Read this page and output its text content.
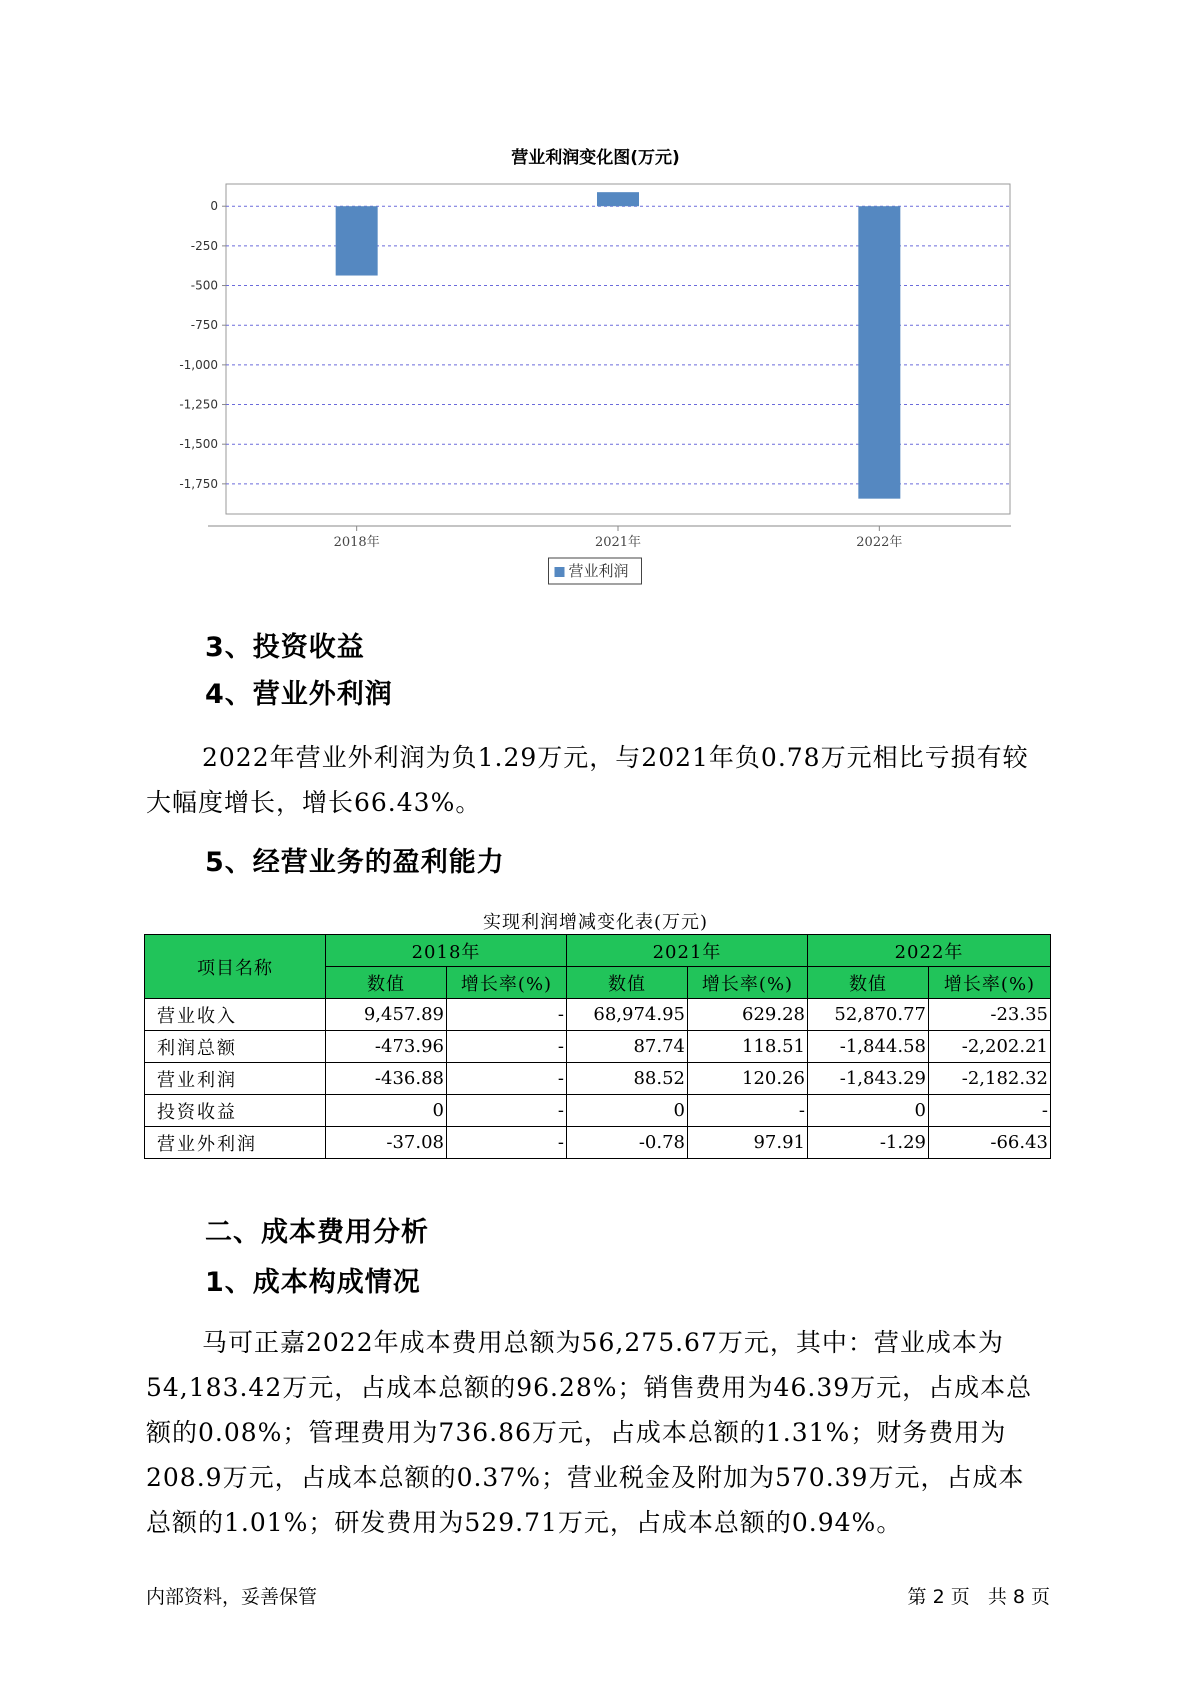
营业利润变化图(万元)
0
-250
-500
-750
-1,000
-1,250
-1,500
-1,750
2018年	2021年	2022年
营业利润
3、投资收益
4、营业外利润

2022年营业外利润为负1.29万元，与2021年负0.78万元相比亏损有较大幅度增长，增长66.43%。

5、经营业务的盈利能力
实现利润增减变化表(万元)
项目名称	2018年		2021年		2022年	
	数值	增长率(%)	数值	增长率(%)	数值	增长率(%)
营业收入	9,457.89	-	68,974.95	629.28	52,870.77	-23.35
利润总额	-473.96	-	87.74	118.51	-1,844.58	-2,202.21
营业利润	-436.88	-	88.52	120.26	-1,843.29	-2,182.32
投资收益	0	-	0	-	0	-
营业外利润	-37.08	-	-0.78	97.91	-1.29	-66.43
二、成本费用分析
1、成本构成情况

马可正嘉2022年成本费用总额为56,275.67万元，其中：营业成本为54,183.42万元，占成本总额的96.28%；销售费用为46.39万元，占成本总额的0.08%；管理费用为736.86万元，占成本总额的1.31%；财务费用为208.9万元，占成本总额的0.37%；营业税金及附加为570.39万元，占成本总额的1.01%；研发费用为529.71万元，占成本总额的0.94%。

内部资料，妥善保管	第 2 页   共 8 页
